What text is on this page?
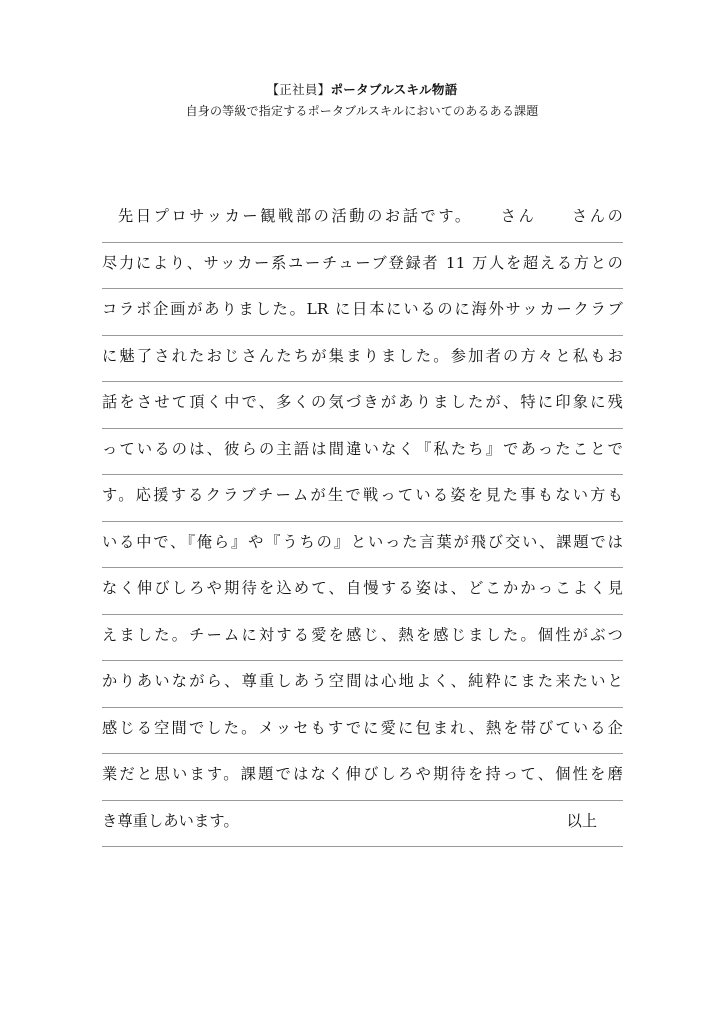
【正社員】ポータブルスキル物語
自身の等級で指定するポータブルスキルにおいてのあるある課題
先日プロサッカー観戦部の活動のお話です。　　さん　　さんの
尽力により、サッカー系ユーチューブ登録者 11 万人を超える方との
コラボ企画がありました。LR に日本にいるのに海外サッカークラブ
に魅了されたおじさんたちが集まりました。参加者の方々と私もお
話をさせて頂く中で、多くの気づきがありましたが、特に印象に残
っているのは、彼らの主語は間違いなく『私たち』であったことで
す。応援するクラブチームが生で戦っている姿を見た事もない方も
いる中で、『俺ら』や『うちの』といった言葉が飛び交い、課題では
なく伸びしろや期待を込めて、自慢する姿は、どこかかっこよく見
えました。チームに対する愛を感じ、熱を感じました。個性がぶつ
かりあいながら、尊重しあう空間は心地よく、純粋にまた来たいと
感じる空間でした。メッセもすでに愛に包まれ、熱を帯びている企
業だと思います。課題ではなく伸びしろや期待を持って、個性を磨
き尊重しあいます。	以上
